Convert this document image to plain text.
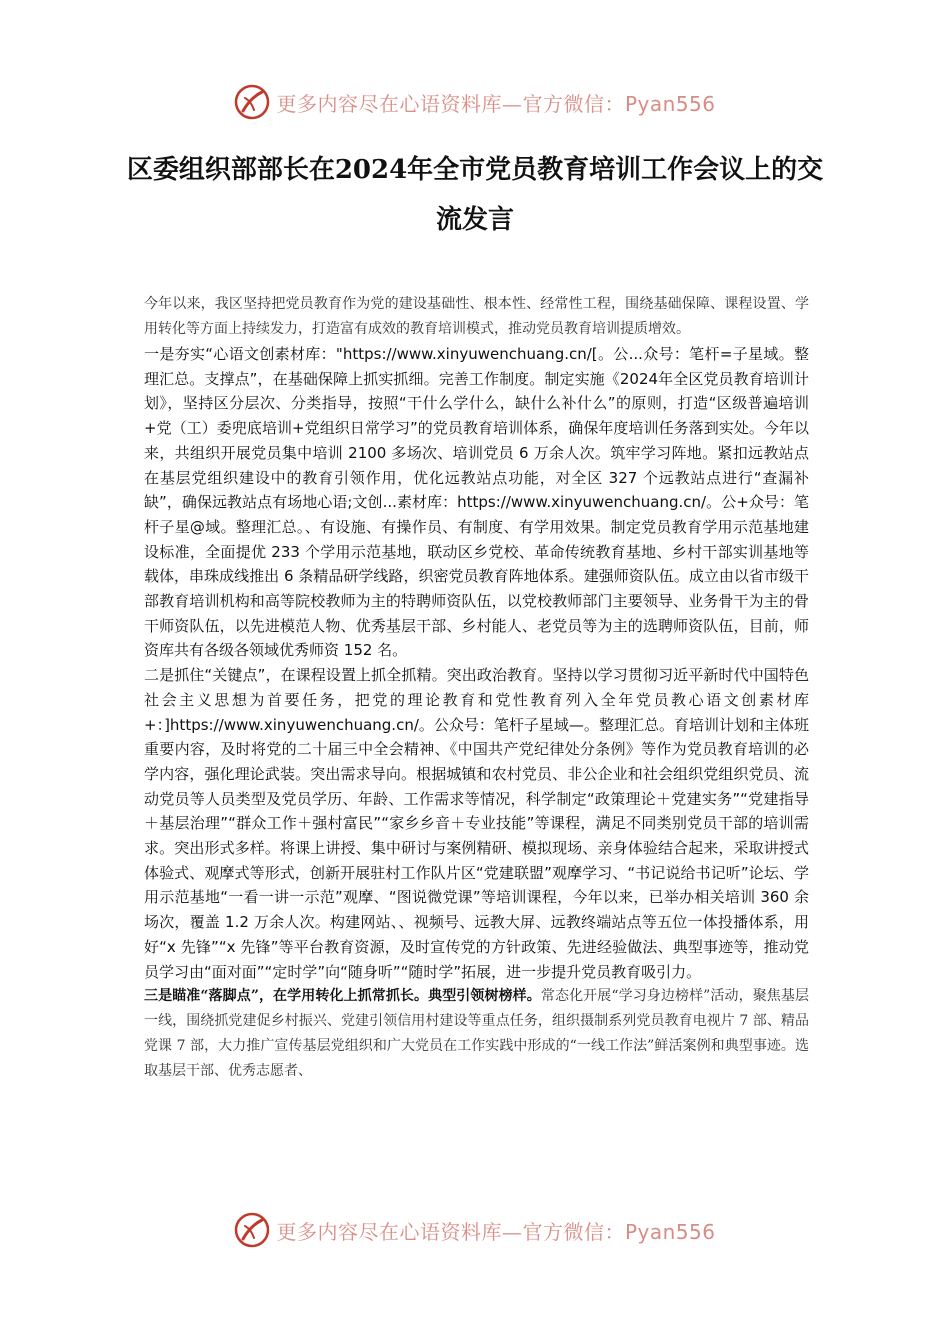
更多内容尽在心语资料库—官方微信：Pyan556
区委组织部部长在2024年全市党员教育培训工作会议上的交流发言

今年以来，我区坚持把党员教育作为党的建设基础性、根本性、经常性工程，围绕基础保障、课程设置、学用转化等方面上持续发力，打造富有成效的教育培训模式，推动党员教育培训提质增效。

一是夯实“心语文创素材库："https://www.xinyuwenchuang.cn/[。公...众号：笔杆=子星域。整理汇总。支撑点”，在基础保障上抓实抓细。完善工作制度。制定实施《2024年全区党员教育培训计划》，坚持区分层次、分类指导，按照“干什么学什么，缺什么补什么”的原则，打造“区级普遍培训+党（工）委兜底培训+党组织日常学习”的党员教育培训体系，确保年度培训任务落到实处。今年以来，共组织开展党员集中培训 2100 多场次、培训党员 6 万余人次。筑牢学习阵地。紧扣远教站点在基层党组织建设中的教育引领作用，优化远教站点功能，对全区 327 个远教站点进行“查漏补缺”，确保远教站点有场地心语;文创...素材库：https://www.xinyuwenchuang.cn/。公+众号：笔杆子星@域。整理汇总。、有设施、有操作员、有制度、有学用效果。制定党员教育学用示范基地建设标准，全面提优 233 个学用示范基地，联动区乡党校、革命传统教育基地、乡村干部实训基地等载体，串珠成线推出 6 条精品研学线路，织密党员教育阵地体系。建强师资队伍。成立由以省市级干部教育培训机构和高等院校教师为主的特聘师资队伍，以党校教师部门主要领导、业务骨干为主的骨干师资队伍，以先进模范人物、优秀基层干部、乡村能人、老党员等为主的选聘师资队伍，目前，师资库共有各级各领域优秀师资 152 名。

二是抓住“关键点”，在课程设置上抓全抓精。突出政治教育。坚持以学习贯彻习近平新时代中国特色社会主义思想为首要任务，把党的理论教育和党性教育列入全年党员教心语文创素材库+：]https://www.xinyuwenchuang.cn/。公众号：笔杆子星域—。整理汇总。育培训计划和主体班重要内容，及时将党的二十届三中全会精神、《中国共产党纪律处分条例》等作为党员教育培训的必学内容，强化理论武装。突出需求导向。根据城镇和农村党员、非公企业和社会组织党组织党员、流动党员等人员类型及党员学历、年龄、工作需求等情况，科学制定“政策理论＋党建实务”“党建指导＋基层治理”“群众工作＋强村富民”“家乡乡音＋专业技能”等课程，满足不同类别党员干部的培训需求。突出形式多样。将课上讲授、集中研讨与案例精研、模拟现场、亲身体验结合起来，采取讲授式体验式、观摩式等形式，创新开展驻村工作队片区“党建联盟”观摩学习、“书记说给书记听”论坛、学用示范基地“一看一讲一示范”观摩、“图说微党课”等培训课程，今年以来，已举办相关培训 360 余场次，覆盖 1.2 万余人次。构建网站、、视频号、远教大屏、远教终端站点等五位一体投播体系，用好“x 先锋”“x 先锋”等平台教育资源，及时宣传党的方针政策、先进经验做法、典型事迹等，推动党员学习由“面对面”“定时学”向“随身听”“随时学”拓展，进一步提升党员教育吸引力。

三是瞄准“落脚点”，在学用转化上抓常抓长。典型引领树榜样。常态化开展“学习身边榜样”活动，聚焦基层一线，围绕抓党建促乡村振兴、党建引领信用村建设等重点任务，组织摄制系列党员教育电视片 7 部、精品党课 7 部，大力推广宣传基层党组织和广大党员在工作实践中形成的“一线工作法”鲜活案例和典型事迹。选取基层干部、优秀志愿者、

更多内容尽在心语资料库—官方微信：Pyan556
